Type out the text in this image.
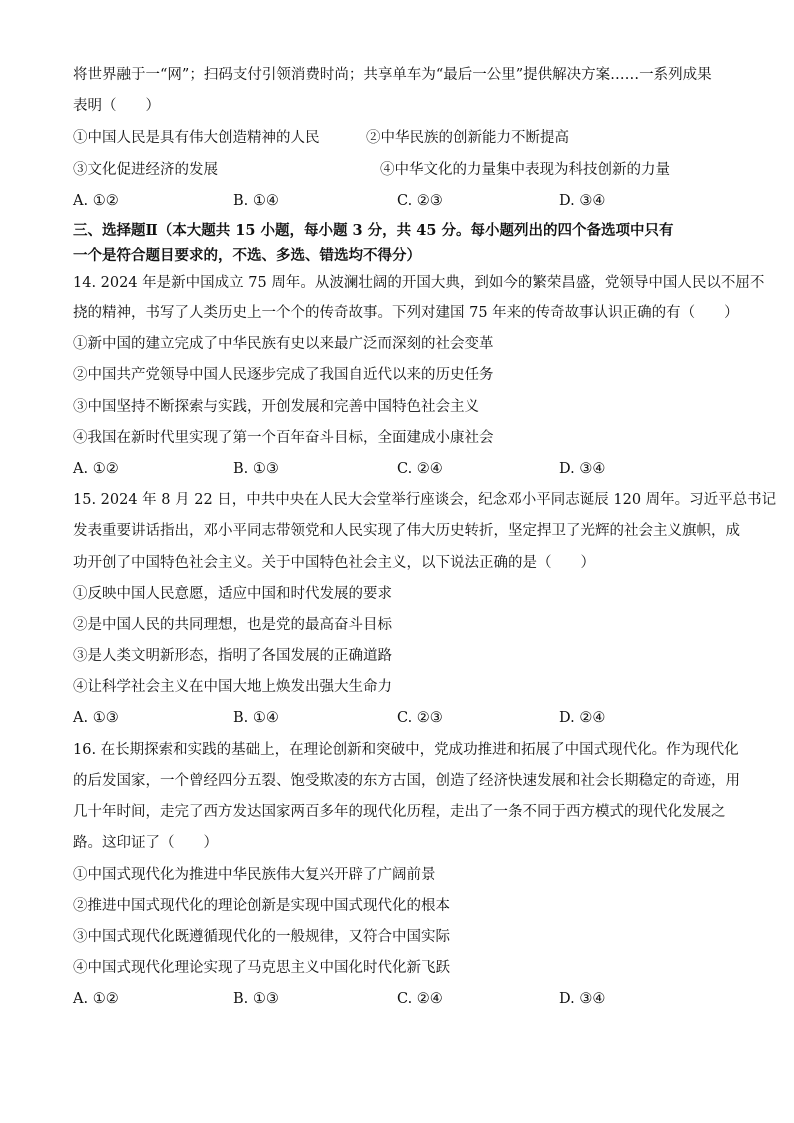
将世界融于一“网”；扫码支付引领消费时尚；共享单车为“最后一公里”提供解决方案……一系列成果
表明（　　）
①中国人民是具有伟大创造精神的人民	②中华民族的创新能力不断提高
③文化促进经济的发展	④中华文化的力量集中表现为科技创新的力量
A. ①②	B. ①④	C. ②③	D. ③④
三、选择题Ⅱ（本大题共 15 小题，每小题 3 分，共 45 分。每小题列出的四个备选项中只有
一个是符合题目要求的，不选、多选、错选均不得分）
14. 2024 年是新中国成立 75 周年。从波澜壮阔的开国大典，到如今的繁荣昌盛，党领导中国人民以不屈不
挠的精神，书写了人类历史上一个个的传奇故事。下列对建国 75 年来的传奇故事认识正确的有（　　）
①新中国的建立完成了中华民族有史以来最广泛而深刻的社会变革
②中国共产党领导中国人民逐步完成了我国自近代以来的历史任务
③中国坚持不断探索与实践，开创发展和完善中国特色社会主义
④我国在新时代里实现了第一个百年奋斗目标，全面建成小康社会
A. ①②	B. ①③	C. ②④	D. ③④
15. 2024 年 8 月 22 日，中共中央在人民大会堂举行座谈会，纪念邓小平同志诞辰 120 周年。习近平总书记
发表重要讲话指出，邓小平同志带领党和人民实现了伟大历史转折，坚定捍卫了光辉的社会主义旗帜，成
功开创了中国特色社会主义。关于中国特色社会主义，以下说法正确的是（　　）
①反映中国人民意愿，适应中国和时代发展的要求
②是中国人民的共同理想，也是党的最高奋斗目标
③是人类文明新形态，指明了各国发展的正确道路
④让科学社会主义在中国大地上焕发出强大生命力
A. ①③	B. ①④	C. ②③	D. ②④
16. 在长期探索和实践的基础上，在理论创新和突破中，党成功推进和拓展了中国式现代化。作为现代化
的后发国家，一个曾经四分五裂、饱受欺凌的东方古国，创造了经济快速发展和社会长期稳定的奇迹，用
几十年时间，走完了西方发达国家两百多年的现代化历程，走出了一条不同于西方模式的现代化发展之
路。这印证了（　　）
①中国式现代化为推进中华民族伟大复兴开辟了广阔前景
②推进中国式现代化的理论创新是实现中国式现代化的根本
③中国式现代化既遵循现代化的一般规律，又符合中国实际
④中国式现代化理论实现了马克思主义中国化时代化新飞跃
A. ①②	B. ①③	C. ②④	D. ③④
